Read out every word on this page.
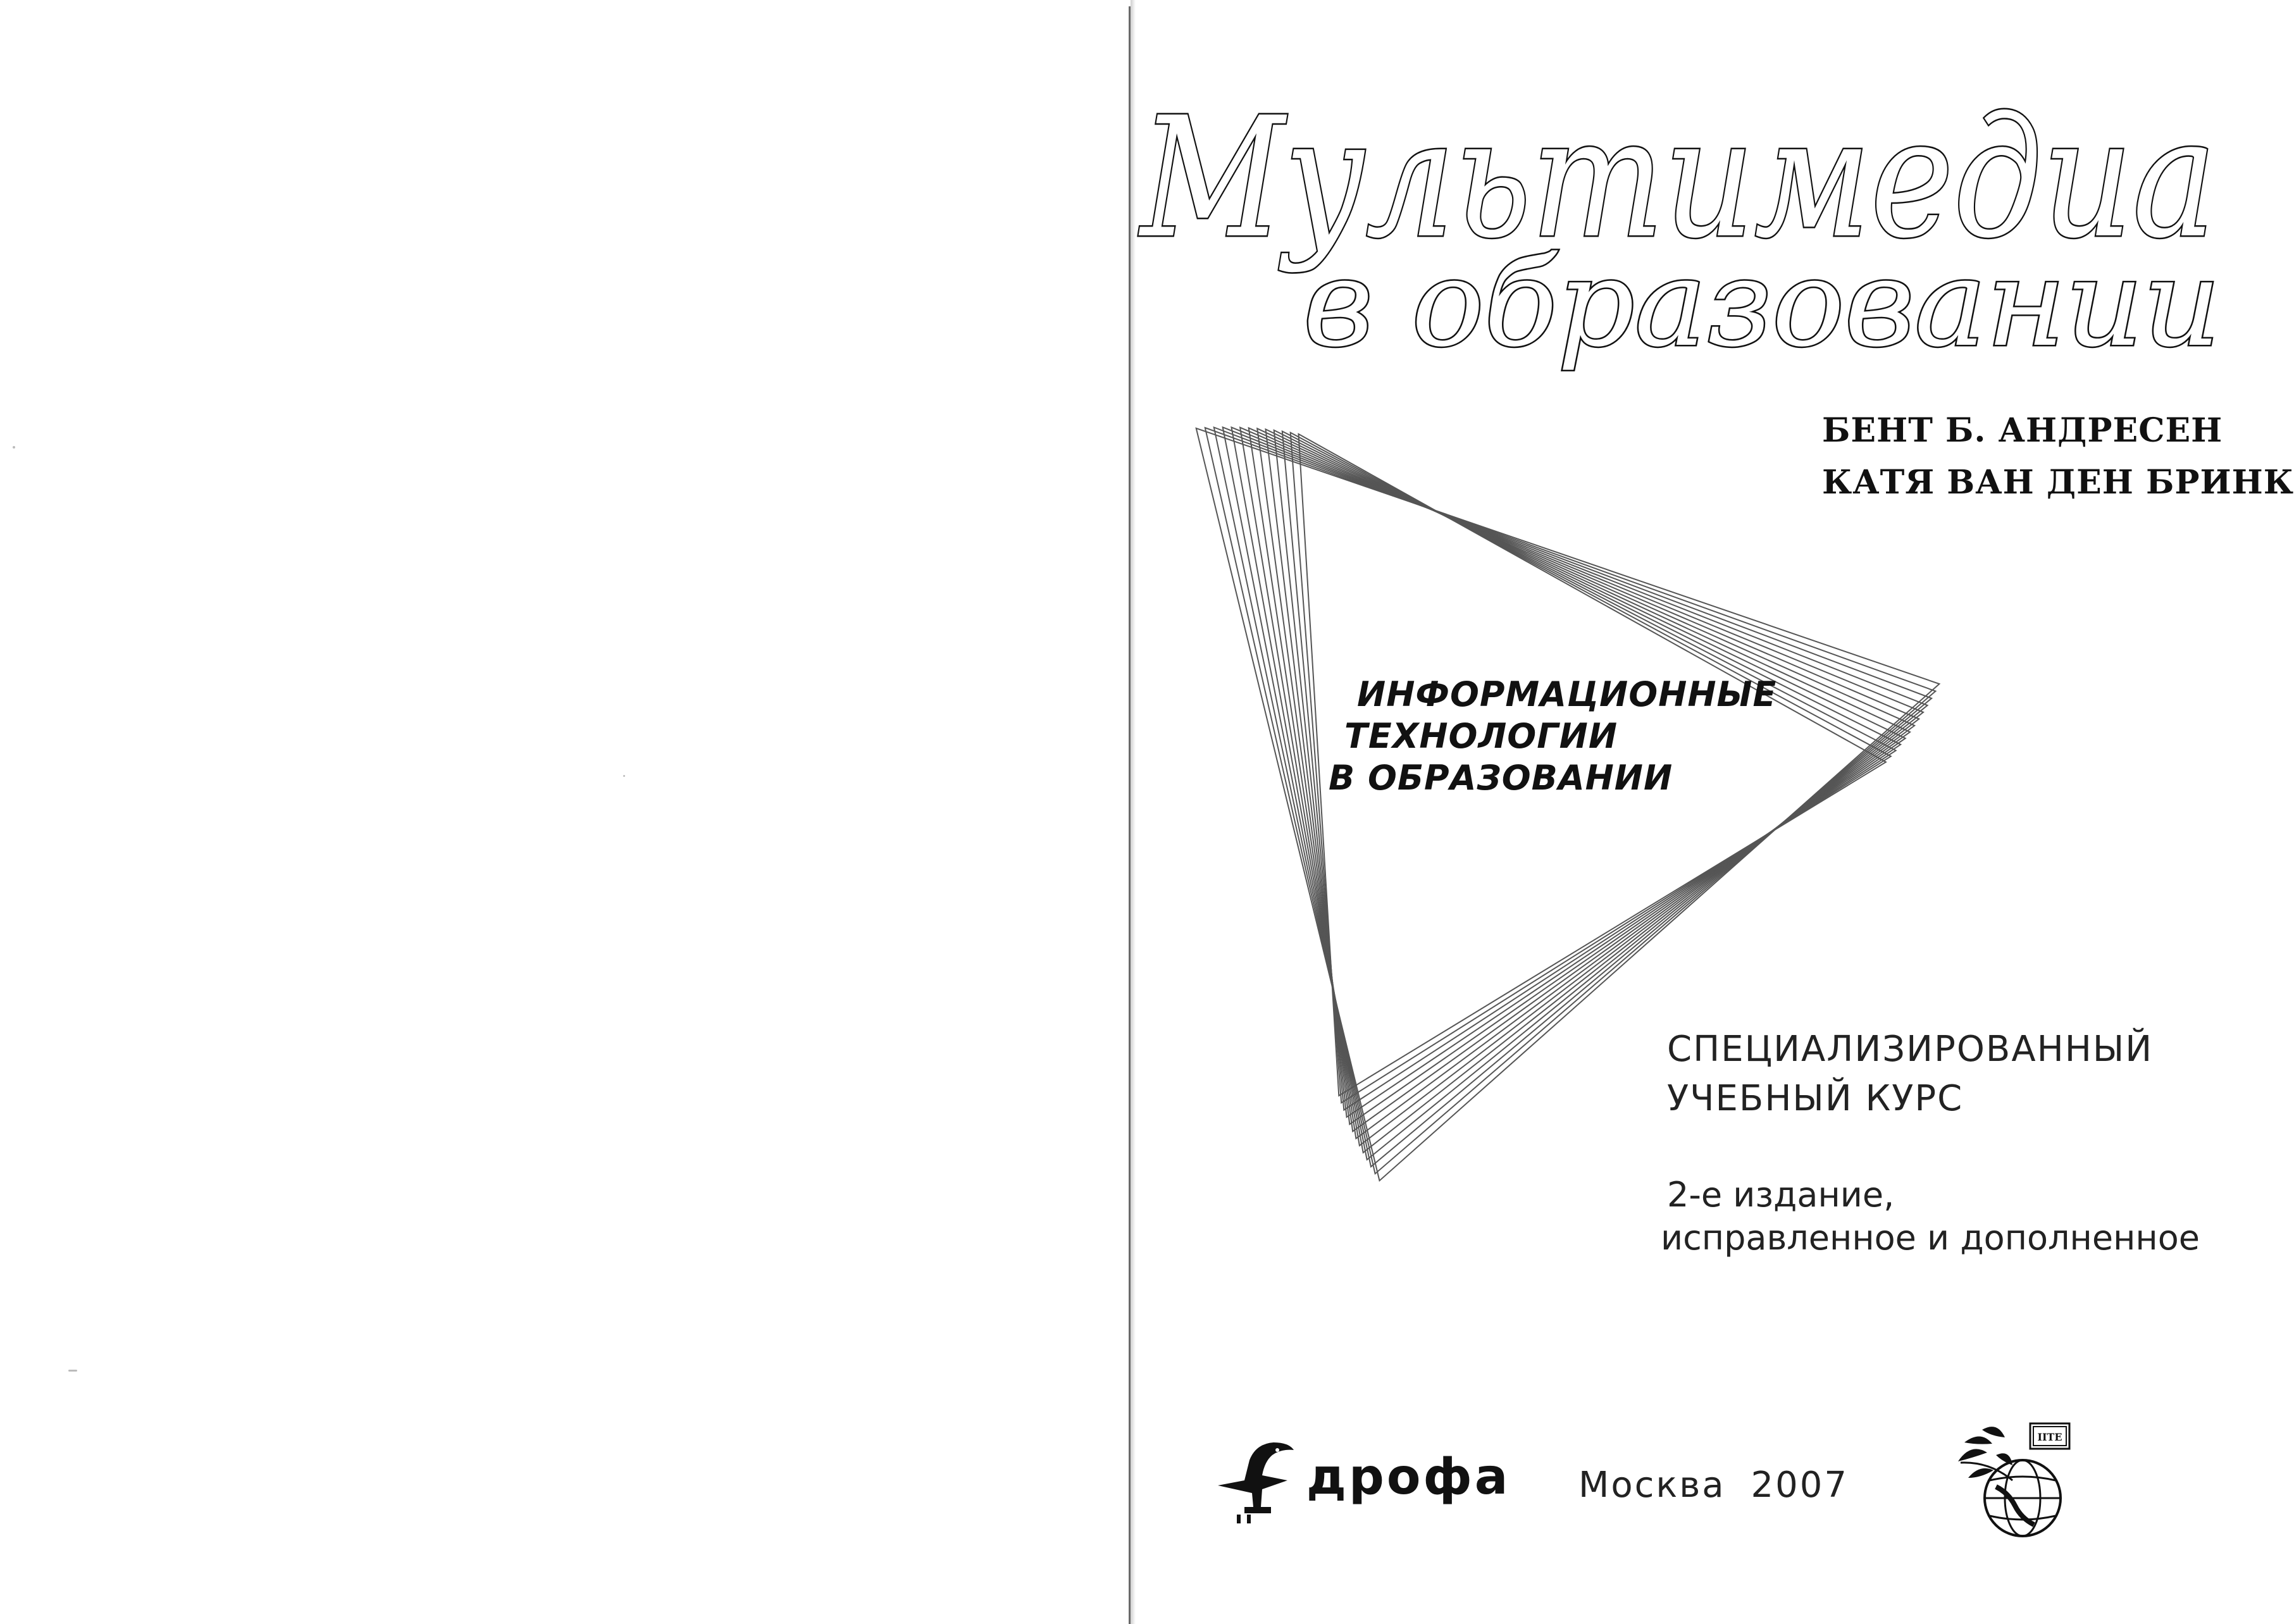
Мультимедиа
в образовании
БЕНТ Б. АНДРЕСЕН
КАТЯ ВАН ДЕН БРИНК
ИНФОРМАЦИОННЫЕ
ТЕХНОЛОГИИ
В ОБРАЗОВАНИИ
СПЕЦИАЛИЗИРОВАННЫЙ
УЧЕБНЫЙ КУРС
2-е издание,
исправленное и дополненное
дрофа Москва 2007
IITE
